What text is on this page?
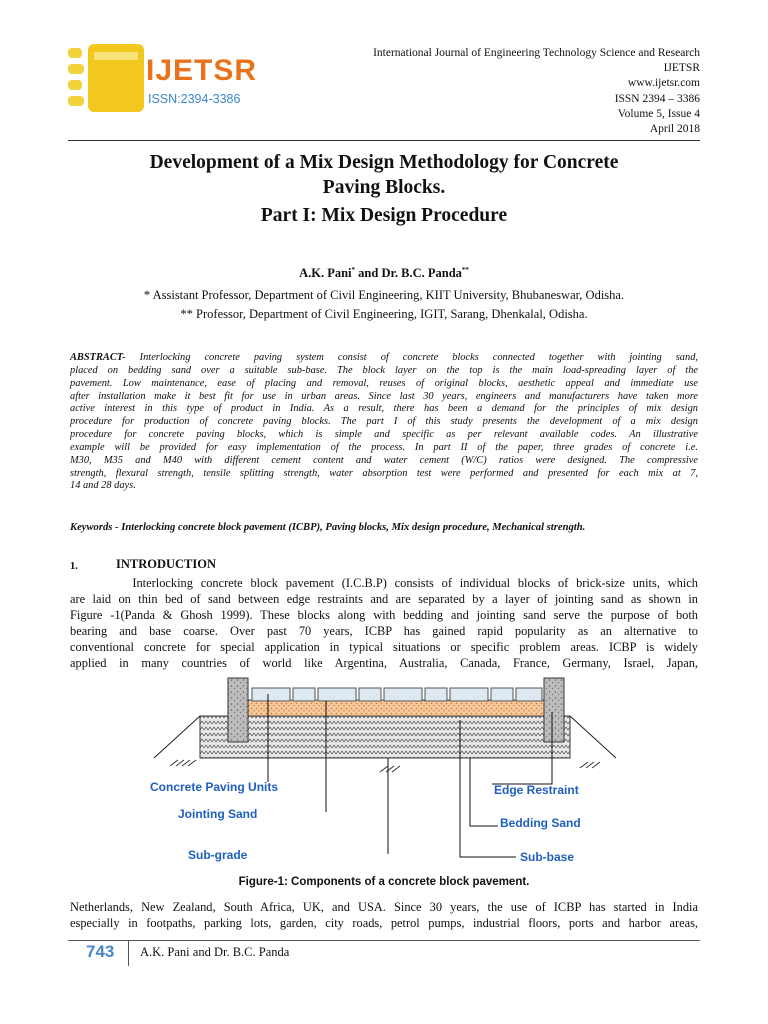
IJETSR
ISSN:2394-3386
International Journal of Engineering Technology Science and Research
IJETSR
www.ijetsr.com
ISSN 2394 – 3386
Volume 5, Issue 4
April 2018
Development of a Mix Design Methodology for Concrete
Paving Blocks.
Part I: Mix Design Procedure
A.K. Pani* and Dr. B.C. Panda**
* Assistant Professor, Department of Civil Engineering, KIIT University, Bhubaneswar, Odisha.
** Professor, Department of Civil Engineering, IGIT, Sarang, Dhenkalal, Odisha.
ABSTRACT- Interlocking concrete paving system consist of concrete blocks connected together with jointing sand,
placed on bedding sand over a suitable sub-base. The block layer on the top is the main load-spreading layer of the
pavement. Low maintenance, ease of placing and removal, reuses of original blocks, aesthetic appeal and immediate use
after installation make it best fit for use in urban areas. Since last 30 years, engineers and manufacturers have taken more
active interest in this type of product in India. As a result, there has been a demand for the principles of mix design
procedure for production of concrete paving blocks. The part I of this study presents the development of a mix design
procedure for concrete paving blocks, which is simple and specific as per relevant available codes. An illustrative
example will be provided for easy implementation of the process. In part II of the paper, three grades of concrete i.e.
M30, M35 and M40 with different cement content and water cement (W/C) ratios were designed. The compressive
strength, flexural strength, tensile splitting strength, water absorption test were performed and presented for each mix at 7,
14 and 28 days.
Keywords - Interlocking concrete block pavement (ICBP), Paving blocks, Mix design procedure, Mechanical strength.
1.	INTRODUCTION
Interlocking concrete block pavement (I.C.B.P) consists of individual blocks of brick-size units, which
are laid on thin bed of sand between edge restraints and are separated by a layer of jointing sand as shown in
Figure -1(Panda & Ghosh 1999). These blocks along with bedding and jointing sand serve the purpose of both
bearing and base coarse. Over past 70 years, ICBP has gained rapid popularity as an alternative to
conventional concrete for special application in typical situations or specific problem areas. ICBP is widely
applied in many countries of world like Argentina, Australia, Canada, France, Germany, Israel, Japan,
Concrete Paving Units
Jointing Sand
Sub-grade
Edge Restraint
Bedding Sand
Sub-base
Figure-1: Components of a concrete block pavement.
Netherlands, New Zealand, South Africa, UK, and USA. Since 30 years, the use of ICBP has started in India
especially in footpaths, parking lots, garden, city roads, petrol pumps, industrial floors, ports and harbor areas,
743 A.K. Pani and Dr. B.C. Panda
